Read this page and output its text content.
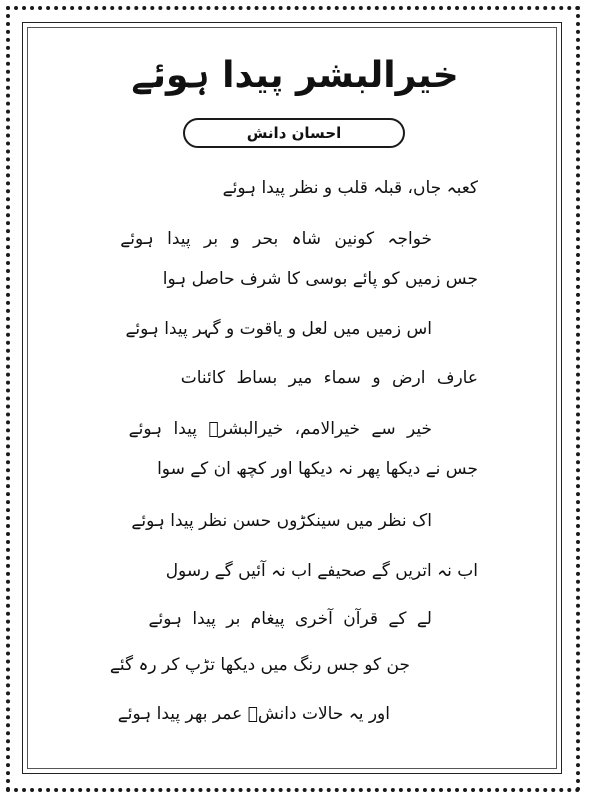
خیرالبشر پیدا ہوئے
احسان دانش
کعبہ جاں، قبلہ قلب و نظر پیدا ہوئے
خواجہ کونین شاہ بحر و بر پیدا ہوئے
جس زمیں کو پائے بوسی کا شرف حاصل ہوا
اس زمیں میں لعل و یاقوت و گہر پیدا ہوئے
عارف ارض و سماء میر بساط کائنات
خیر سے خیرالامم، خیرالبشرؐ پیدا ہوئے
جس نے دیکھا پھر نہ دیکھا اور کچھ ان کے سوا
اک نظر میں سینکڑوں حسن نظر پیدا ہوئے
اب نہ اتریں گے صحیفے اب نہ آئیں گے رسول
لے کے قرآن آخری پیغام بر پیدا ہوئے
جن کو جس رنگ میں دیکھا تڑپ کر رہ گئے
اور یہ حالات دانشؔ عمر بھر پیدا ہوئے
